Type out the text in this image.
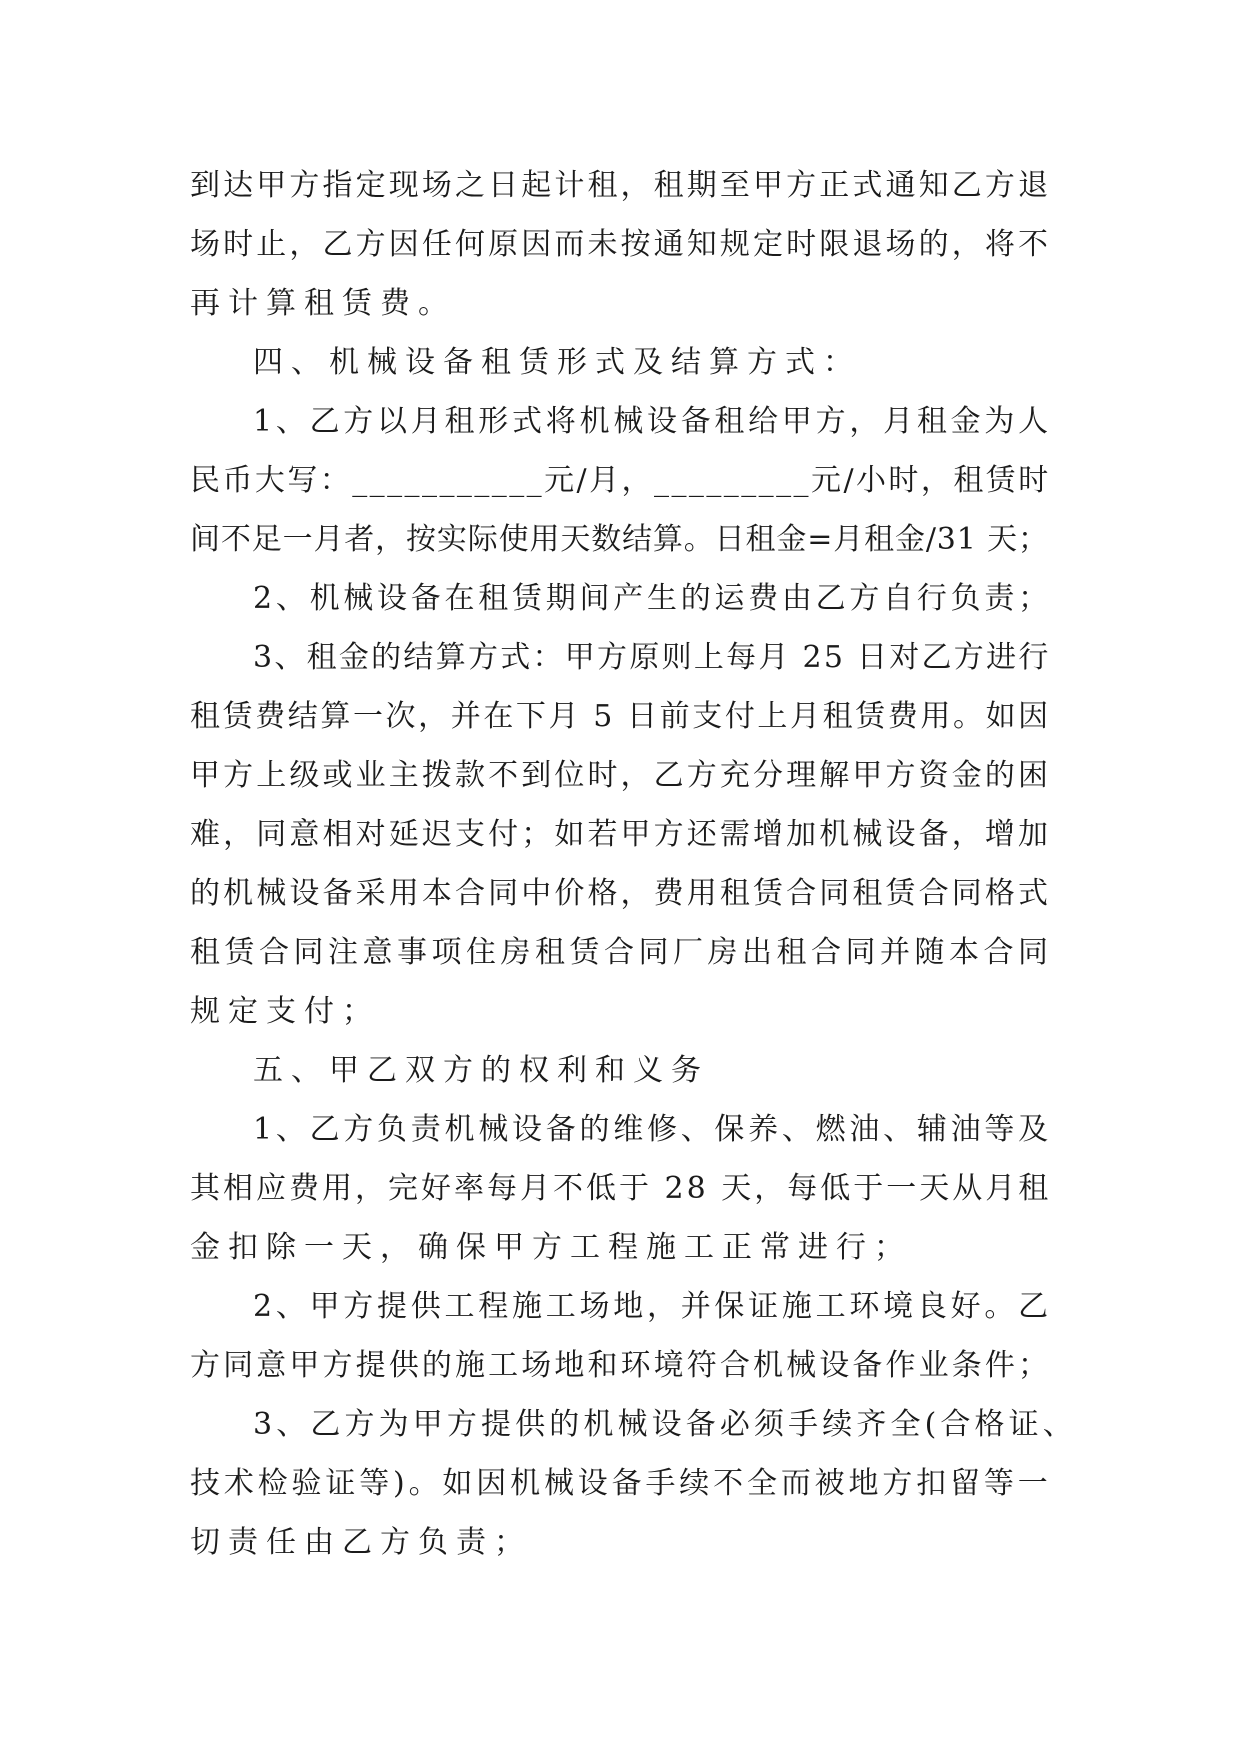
到达甲方指定现场之日起计租，租期至甲方正式通知乙方退
场时止，乙方因任何原因而未按通知规定时限退场的，将不
再计算租赁费。
四、机械设备租赁形式及结算方式：
1、乙方以月租形式将机械设备租给甲方，月租金为人
民币大写：___________元/月，_________元/小时，租赁时
间不足一月者，按实际使用天数结算。日租金=月租金/31 天；
2、机械设备在租赁期间产生的运费由乙方自行负责；
3、租金的结算方式：甲方原则上每月 25 日对乙方进行
租赁费结算一次，并在下月 5 日前支付上月租赁费用。如因
甲方上级或业主拨款不到位时，乙方充分理解甲方资金的困
难，同意相对延迟支付；如若甲方还需增加机械设备，增加
的机械设备采用本合同中价格，费用租赁合同租赁合同格式
租赁合同注意事项住房租赁合同厂房出租合同并随本合同
规定支付；
五、甲乙双方的权利和义务
1、乙方负责机械设备的维修、保养、燃油、辅油等及
其相应费用，完好率每月不低于 28 天，每低于一天从月租
金扣除一天，确保甲方工程施工正常进行；
2、甲方提供工程施工场地，并保证施工环境良好。乙
方同意甲方提供的施工场地和环境符合机械设备作业条件；
3、乙方为甲方提供的机械设备必须手续齐全(合格证、
技术检验证等)。如因机械设备手续不全而被地方扣留等一
切责任由乙方负责；
